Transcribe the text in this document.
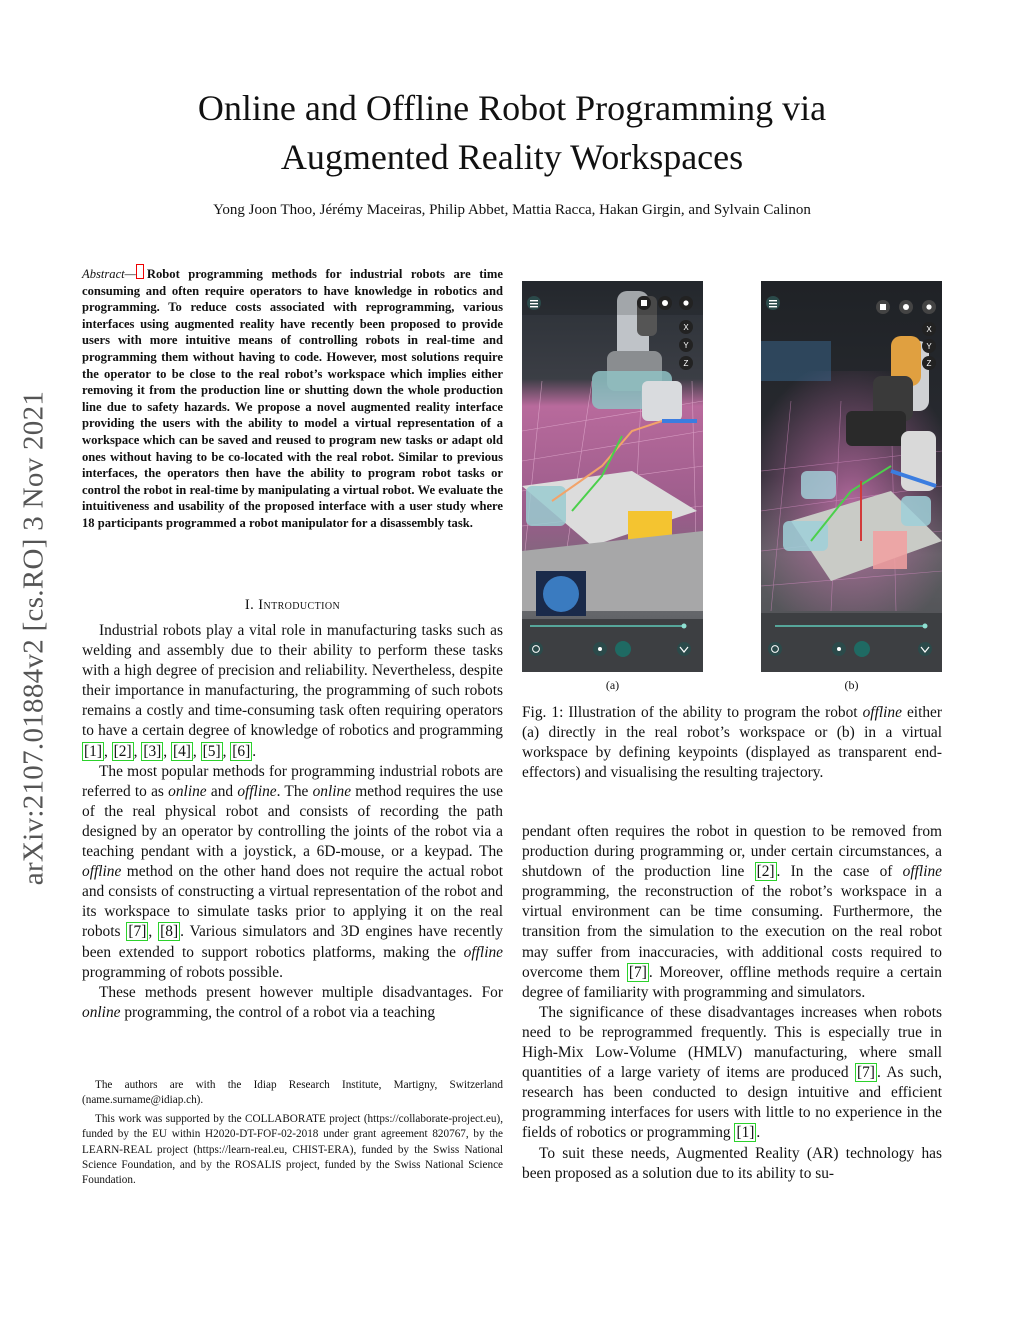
arXiv:2107.01884v2 [cs.RO] 3 Nov 2021
Online and Offline Robot Programming via
Augmented Reality Workspaces
Yong Joon Thoo, Jérémy Maceiras, Philip Abbet, Mattia Racca, Hakan Girgin, and Sylvain Calinon
Abstract— Robot programming methods for industrial robots are time consuming and often require operators to have knowledge in robotics and programming. To reduce costs associated with reprogramming, various interfaces using augmented reality have recently been proposed to provide users with more intuitive means of controlling robots in real-time and programming them without having to code. However, most solutions require the operator to be close to the real robot’s workspace which implies either removing it from the production line or shutting down the whole production line due to safety hazards. We propose a novel augmented reality interface providing the users with the ability to model a virtual representation of a workspace which can be saved and reused to program new tasks or adapt old ones without having to be co-located with the real robot. Similar to previous interfaces, the operators then have the ability to program robot tasks or control the robot in real-time by manipulating a virtual robot. We evaluate the intuitiveness and usability of the proposed interface with a user study where 18 participants programmed a robot manipulator for a disassembly task.
I. Introduction

Industrial robots play a vital role in manufacturing tasks such as welding and assembly due to their ability to perform these tasks with a high degree of precision and reliability. Nevertheless, despite their importance in manufacturing, the programming of such robots remains a costly and time-consuming task often requiring operators to have a certain degree of knowledge of robotics and programming [1] , [2] , [3] , [4] , [5] , [6] .

The most popular methods for programming industrial robots are referred to as online and offline. The online method requires the use of the real physical robot and consists of recording the path designed by an operator by controlling the joints of the robot via a teaching pendant with a joystick, a 6D-mouse, or a keypad. The offline method on the other hand does not require the actual robot and consists of constructing a virtual representation of the robot and its workspace to simulate tasks prior to applying it on the real robots [7] , [8] . Various simulators and 3D engines have recently been extended to support robotics platforms, making the offline programming of robots possible.

These methods present however multiple disadvantages. For online programming, the control of a robot via a teaching

The authors are with the Idiap Research Institute, Martigny, Switzerland (name.surname@idiap.ch).

This work was supported by the COLLABORATE project (https://collaborate-project.eu), funded by the EU within H2020-DT-FOF-02-2018 under grant agreement 820767, by the LEARN-REAL project (https://learn-real.eu, CHIST-ERA), funded by the Swiss National Science Foundation, and by the ROSALIS project, funded by the Swiss National Science Foundation.

X
Y
Z
(a)
X
Y
Z
(b)
Fig. 1: Illustration of the ability to program the robot offline either (a) directly in the real robot’s workspace or (b) in a virtual workspace by defining keypoints (displayed as transparent end-effectors) and visualising the resulting trajectory.

pendant often requires the robot in question to be removed from production during programming or, under certain circumstances, a shutdown of the production line [2] . In the case of offline programming, the reconstruction of the robot’s workspace in a virtual environment can be time consuming. Furthermore, the transition from the simulation to the execution on the real robot may suffer from inaccuracies, with additional costs required to overcome them [7] . Moreover, offline methods require a certain degree of familiarity with programming and simulators.

The significance of these disadvantages increases when robots need to be reprogrammed frequently. This is especially true in High-Mix Low-Volume (HMLV) manufacturing, where small quantities of a large variety of items are produced [7] . As such, research has been conducted to design intuitive and efficient programming interfaces for users with little to no experience in the fields of robotics or programming [1] .

To suit these needs, Augmented Reality (AR) technology has been proposed as a solution due to its ability to su-
